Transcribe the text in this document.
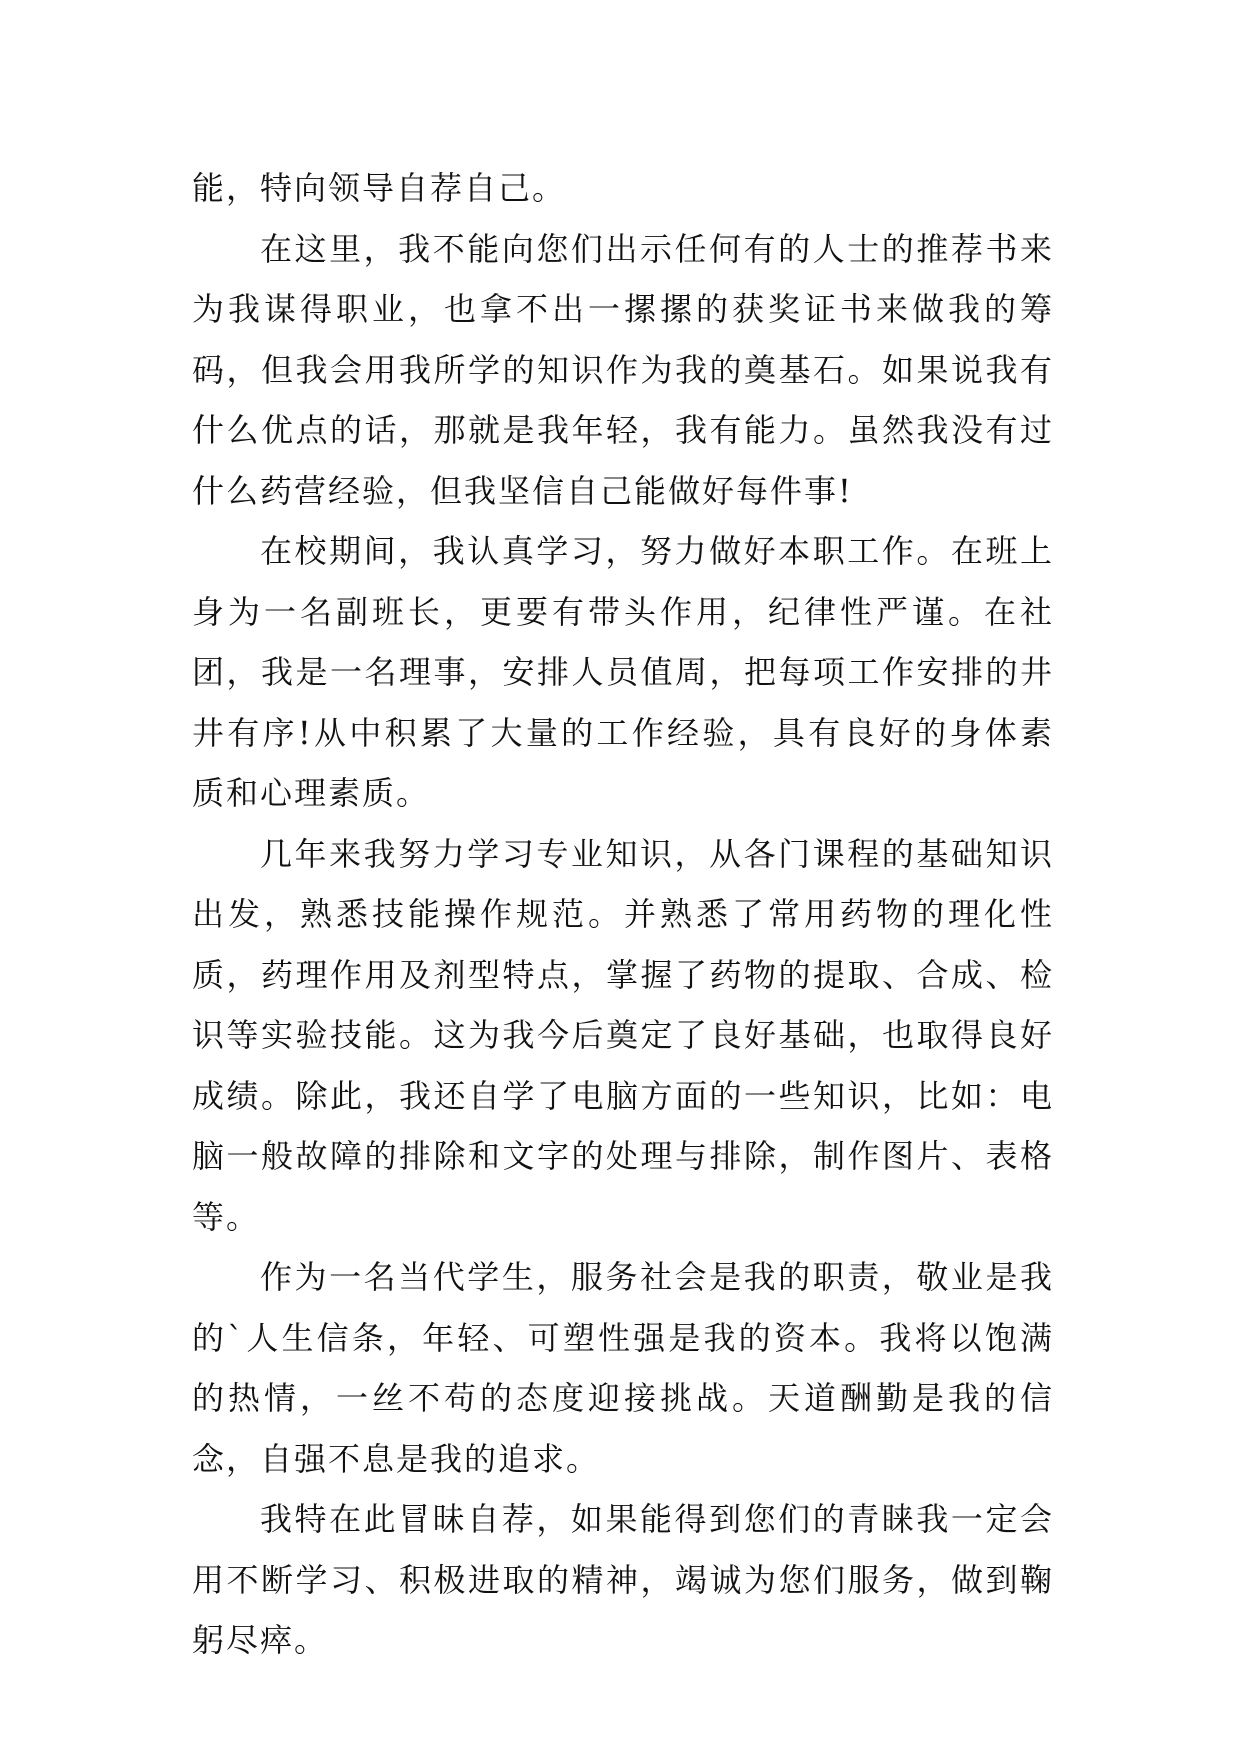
能，特向领导自荐自己。

在这里，我不能向您们出示任何有的人士的推荐书来为我谋得职业，也拿不出一摞摞的获奖证书来做我的筹码，但我会用我所学的知识作为我的奠基石。如果说我有什么优点的话，那就是我年轻，我有能力。虽然我没有过什么药营经验，但我坚信自己能做好每件事!

在校期间，我认真学习，努力做好本职工作。在班上身为一名副班长，更要有带头作用，纪律性严谨。在社团，我是一名理事，安排人员值周，把每项工作安排的井井有序!从中积累了大量的工作经验，具有良好的身体素质和心理素质。

几年来我努力学习专业知识，从各门课程的基础知识出发，熟悉技能操作规范。并熟悉了常用药物的理化性质，药理作用及剂型特点，掌握了药物的提取、合成、检识等实验技能。这为我今后奠定了良好基础，也取得良好成绩。除此，我还自学了电脑方面的一些知识，比如：电脑一般故障的排除和文字的处理与排除，制作图片、表格等。

作为一名当代学生，服务社会是我的职责，敬业是我的`人生信条，年轻、可塑性强是我的资本。我将以饱满的热情，一丝不苟的态度迎接挑战。天道酬勤是我的信念，自强不息是我的追求。

我特在此冒昧自荐，如果能得到您们的青睐我一定会用不断学习、积极进取的精神，竭诚为您们服务，做到鞠躬尽瘁。
